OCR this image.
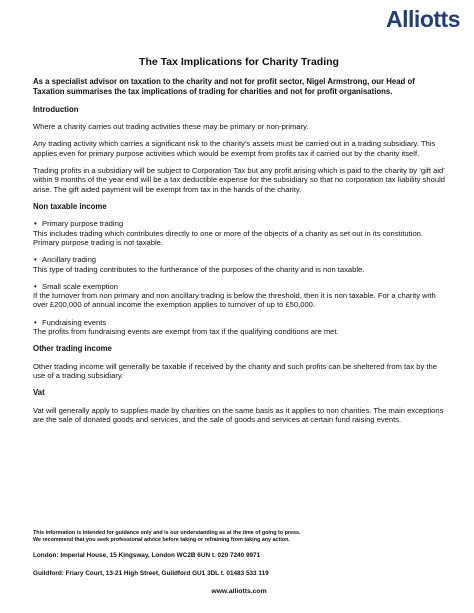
Allіotts
The Tax Implications for Charity Trading

As a specialist advisor on taxation to the charity and not for profit sector, Nigel Armstrong, our Head of Taxation summarises the tax implications of trading for charities and not for profit organisations.

Introduction

Where a charity carries out trading activities these may be primary or non-primary.

Any trading activity which carries a significant risk to the charity’s assets must be carried out in a trading subsidiary. This applies even for primary purpose activities which would be exempt from profits tax if carried out by the charity itself.

Trading profits in a subsidiary will be subject to Corporation Tax but any profit arising which is paid to the charity by ‘gift aid’ within 9 months of the year end will be a tax deductible expense for the subsidiary so that no corporation tax liability should arise. The gift aided payment will be exempt from tax in the hands of the charity.

Non taxable income

• Primary purpose trading

This includes trading which contributes directly to one or more of the objects of a charity as set out in its constitution. Primary purpose trading is not taxable.

• Ancillary trading

This type of trading contributes to the furtherance of the purposes of the charity and is non taxable.

• Small scale exemption

If the turnover from non primary and non ancillary trading is below the threshold, then it is non taxable. For a charity with over £200,000 of annual income the exemption applies to turnover of up to £50,000.

• Fundraising events

The profits from fundraising events are exempt from tax if the qualifying conditions are met.

Other trading income

Other trading income will generally be taxable if received by the charity and such profits can be sheltered from tax by the use of a trading subsidiary.

Vat

Vat will generally apply to supplies made by charities on the same basis as it applies to non charities. The main exceptions are the sale of donated goods and services, and the sale of goods and services at certain fund raising events.

This information is intended for guidance only and is our understanding as at the time of going to press.
We recommend that you seek professional advice before taking or refraining from taking any action.

London: Imperial House, 15 Kingsway, London WC2B 6UN t. 020 7240 9971

Guildford: Friary Court, 13-21 High Street, Guildford GU1 3DL t. 01483 533 119

www.allіotts.com
